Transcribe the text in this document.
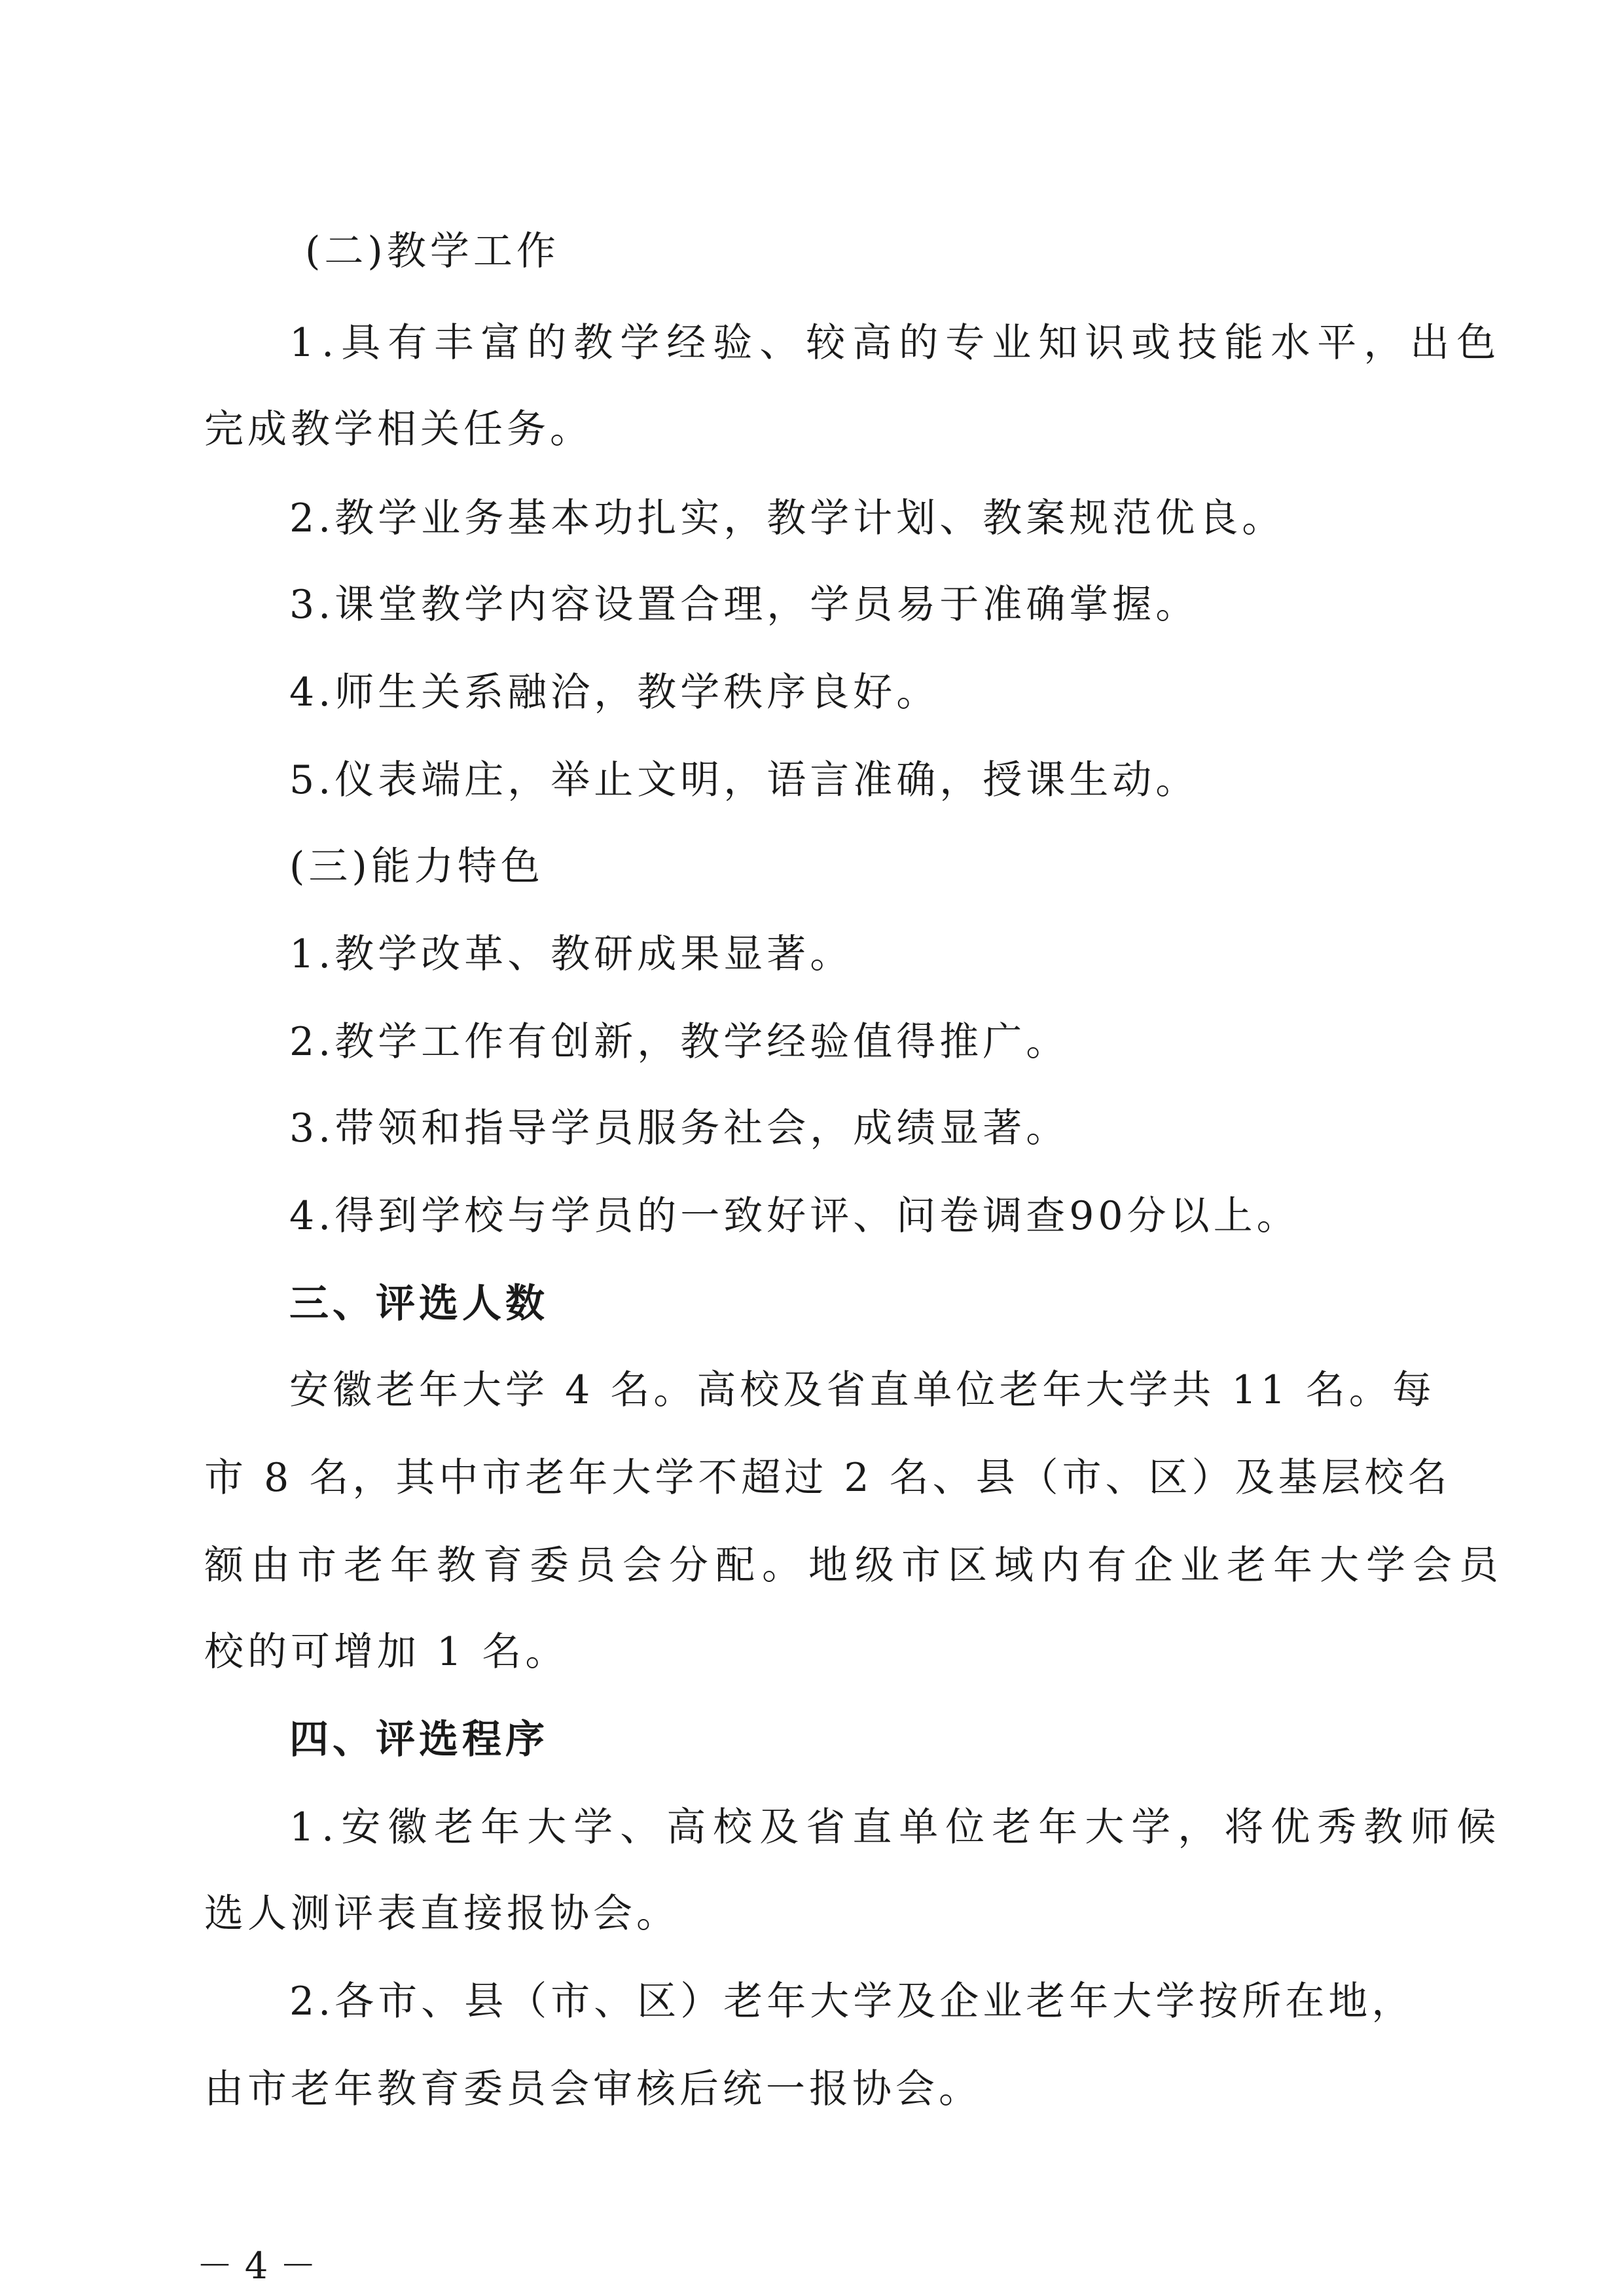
(二)教学工作
1.具有丰富的教学经验、较高的专业知识或技能水平，出色
完成教学相关任务。
2.教学业务基本功扎实，教学计划、教案规范优良。
3.课堂教学内容设置合理，学员易于准确掌握。
4.师生关系融洽，教学秩序良好。
5.仪表端庄，举止文明，语言准确，授课生动。
(三)能力特色
1.教学改革、教研成果显著。
2.教学工作有创新，教学经验值得推广。
3.带领和指导学员服务社会，成绩显著。
4.得到学校与学员的一致好评、问卷调查90分以上。
三、评选人数
安徽老年大学 4 名。高校及省直单位老年大学共 11 名。每
市 8 名，其中市老年大学不超过 2 名、县（市、区）及基层校名
额由市老年教育委员会分配。地级市区域内有企业老年大学会员
校的可增加 1 名。
四、评选程序
1.安徽老年大学、高校及省直单位老年大学，将优秀教师候
选人测评表直接报协会。
2.各市、县（市、区）老年大学及企业老年大学按所在地，
由市老年教育委员会审核后统一报协会。
－ 4 －
